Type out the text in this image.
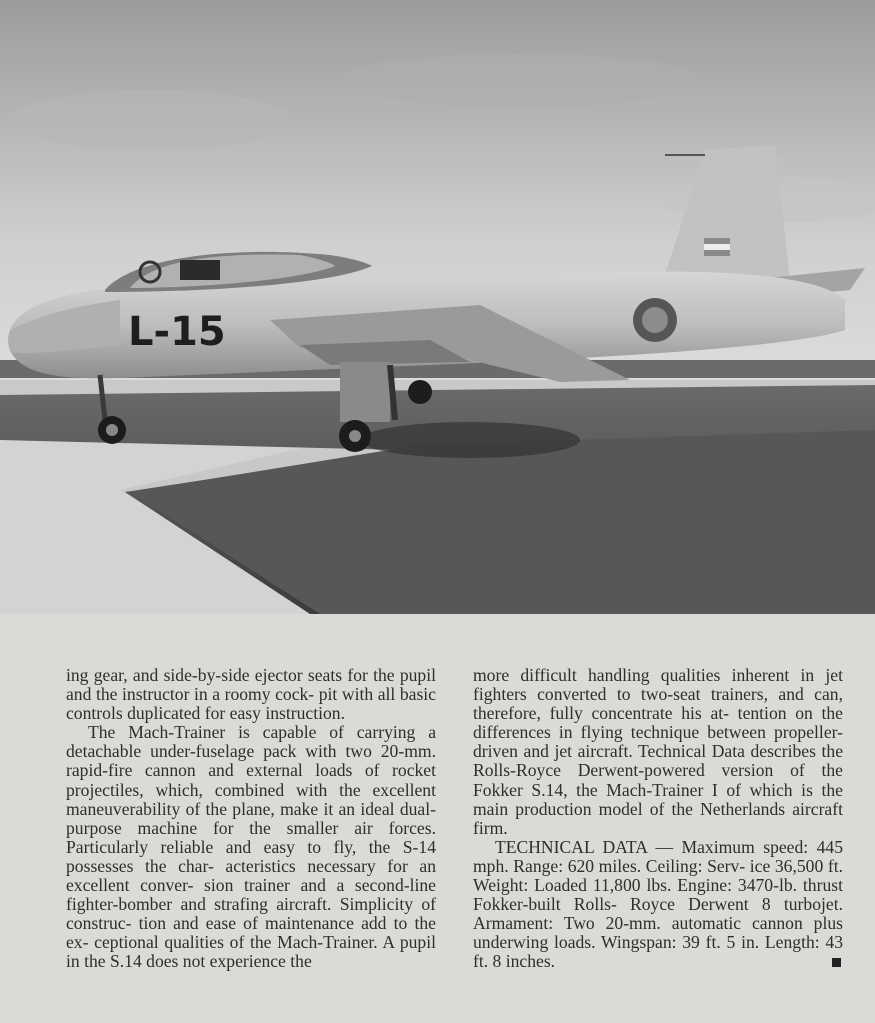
L-15

ing gear, and side-by-side ejector seats for the pupil and the instructor in a roomy cock- pit with all basic controls duplicated for easy instruction.

The Mach-Trainer is capable of carrying a detachable under-fuselage pack with two 20-mm. rapid-fire cannon and external loads of rocket projectiles, which, combined with the excellent maneuverability of the plane, make it an ideal dual-purpose machine for the smaller air forces. Particularly reliable and easy to fly, the S-14 possesses the char- acteristics necessary for an excellent conver- sion trainer and a second-line fighter-bomber and strafing aircraft. Simplicity of construc- tion and ease of maintenance add to the ex- ceptional qualities of the Mach-Trainer. A pupil in the S.14 does not experience the

more difficult handling qualities inherent in jet fighters converted to two-seat trainers, and can, therefore, fully concentrate his at- tention on the differences in flying technique between propeller-driven and jet aircraft. Technical Data describes the Rolls-Royce Derwent-powered version of the Fokker S.14, the Mach-Trainer I of which is the main production model of the Netherlands aircraft firm.

TECHNICAL DATA — Maximum speed: 445 mph. Range: 620 miles. Ceiling: Serv- ice 36,500 ft. Weight: Loaded 11,800 lbs. Engine: 3470-lb. thrust Fokker-built Rolls- Royce Derwent 8 turbojet. Armament: Two 20-mm. automatic cannon plus underwing loads. Wingspan: 39 ft. 5 in. Length: 43 ft. 8 inches.
